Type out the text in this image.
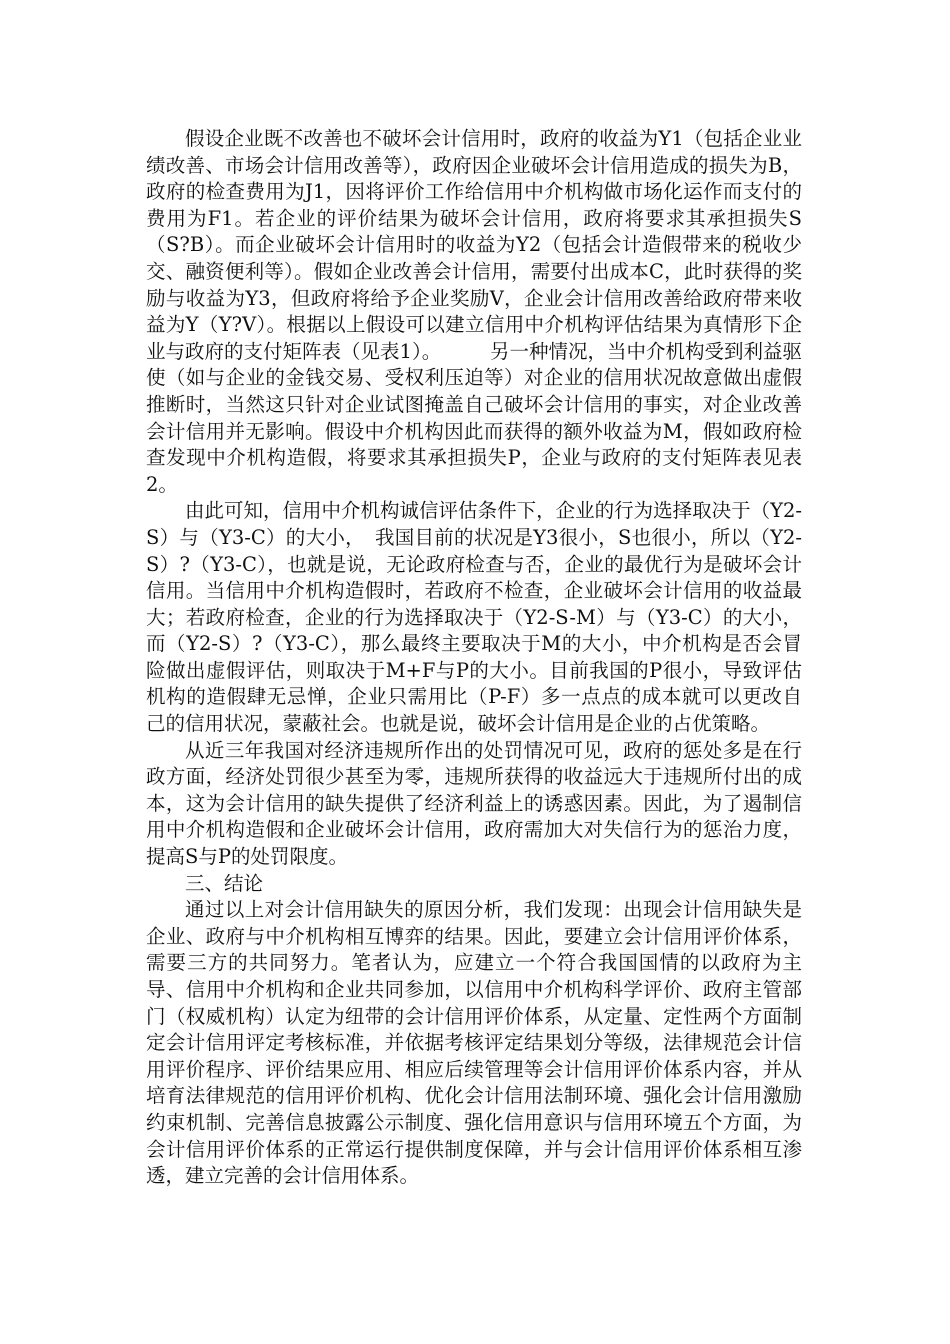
假设企业既不改善也不破坏会计信用时，政府的收益为Y1（包括企业业绩改善、市场会计信用改善等），政府因企业破坏会计信用造成的损失为B，政府的检查费用为J1，因将评价工作给信用中介机构做市场化运作而支付的费用为F1。若企业的评价结果为破坏会计信用，政府将要求其承担损失S（S?B）。而企业破坏会计信用时的收益为Y2（包括会计造假带来的税收少交、融资便利等）。假如企业改善会计信用，需要付出成本C，此时获得的奖励与收益为Y3，但政府将给予企业奖励V，企业会计信用改善给政府带来收益为Y（Y?V）。根据以上假设可以建立信用中介机构评估结果为真情形下企业与政府的支付矩阵表（见表1）。　　　另一种情况，当中介机构受到利益驱使（如与企业的金钱交易、受权利压迫等）对企业的信用状况故意做出虚假推断时，当然这只针对企业试图掩盖自己破坏会计信用的事实，对企业改善会计信用并无影响。假设中介机构因此而获得的额外收益为M，假如政府检查发现中介机构造假，将要求其承担损失P，企业与政府的支付矩阵表见表2。

由此可知，信用中介机构诚信评估条件下，企业的行为选择取决于（Y2-S）与（Y3-C）的大小，　我国目前的状况是Y3很小，S也很小，所以（Y2-S）?（Y3-C），也就是说，无论政府检查与否，企业的最优行为是破坏会计信用。当信用中介机构造假时，若政府不检查，企业破坏会计信用的收益最大；若政府检查，企业的行为选择取决于（Y2-S-M）与（Y3-C）的大小，而（Y2-S）?（Y3-C），那么最终主要取决于M的大小，中介机构是否会冒险做出虚假评估，则取决于M+F与P的大小。目前我国的P很小，导致评估机构的造假肆无忌惮，企业只需用比（P-F）多一点点的成本就可以更改自己的信用状况，蒙蔽社会。也就是说，破坏会计信用是企业的占优策略。

从近三年我国对经济违规所作出的处罚情况可见，政府的惩处多是在行政方面，经济处罚很少甚至为零，违规所获得的收益远大于违规所付出的成本，这为会计信用的缺失提供了经济利益上的诱惑因素。因此，为了遏制信用中介机构造假和企业破坏会计信用，政府需加大对失信行为的惩治力度，提高S与P的处罚限度。

三、结论

通过以上对会计信用缺失的原因分析，我们发现：出现会计信用缺失是企业、政府与中介机构相互博弈的结果。因此，要建立会计信用评价体系，需要三方的共同努力。笔者认为，应建立一个符合我国国情的以政府为主导、信用中介机构和企业共同参加，以信用中介机构科学评价、政府主管部门（权威机构）认定为纽带的会计信用评价体系，从定量、定性两个方面制定会计信用评定考核标准，并依据考核评定结果划分等级，法律规范会计信用评价程序、评价结果应用、相应后续管理等会计信用评价体系内容，并从培育法律规范的信用评价机构、优化会计信用法制环境、强化会计信用激励约束机制、完善信息披露公示制度、强化信用意识与信用环境五个方面，为会计信用评价体系的正常运行提供制度保障，并与会计信用评价体系相互渗透，建立完善的会计信用体系。
